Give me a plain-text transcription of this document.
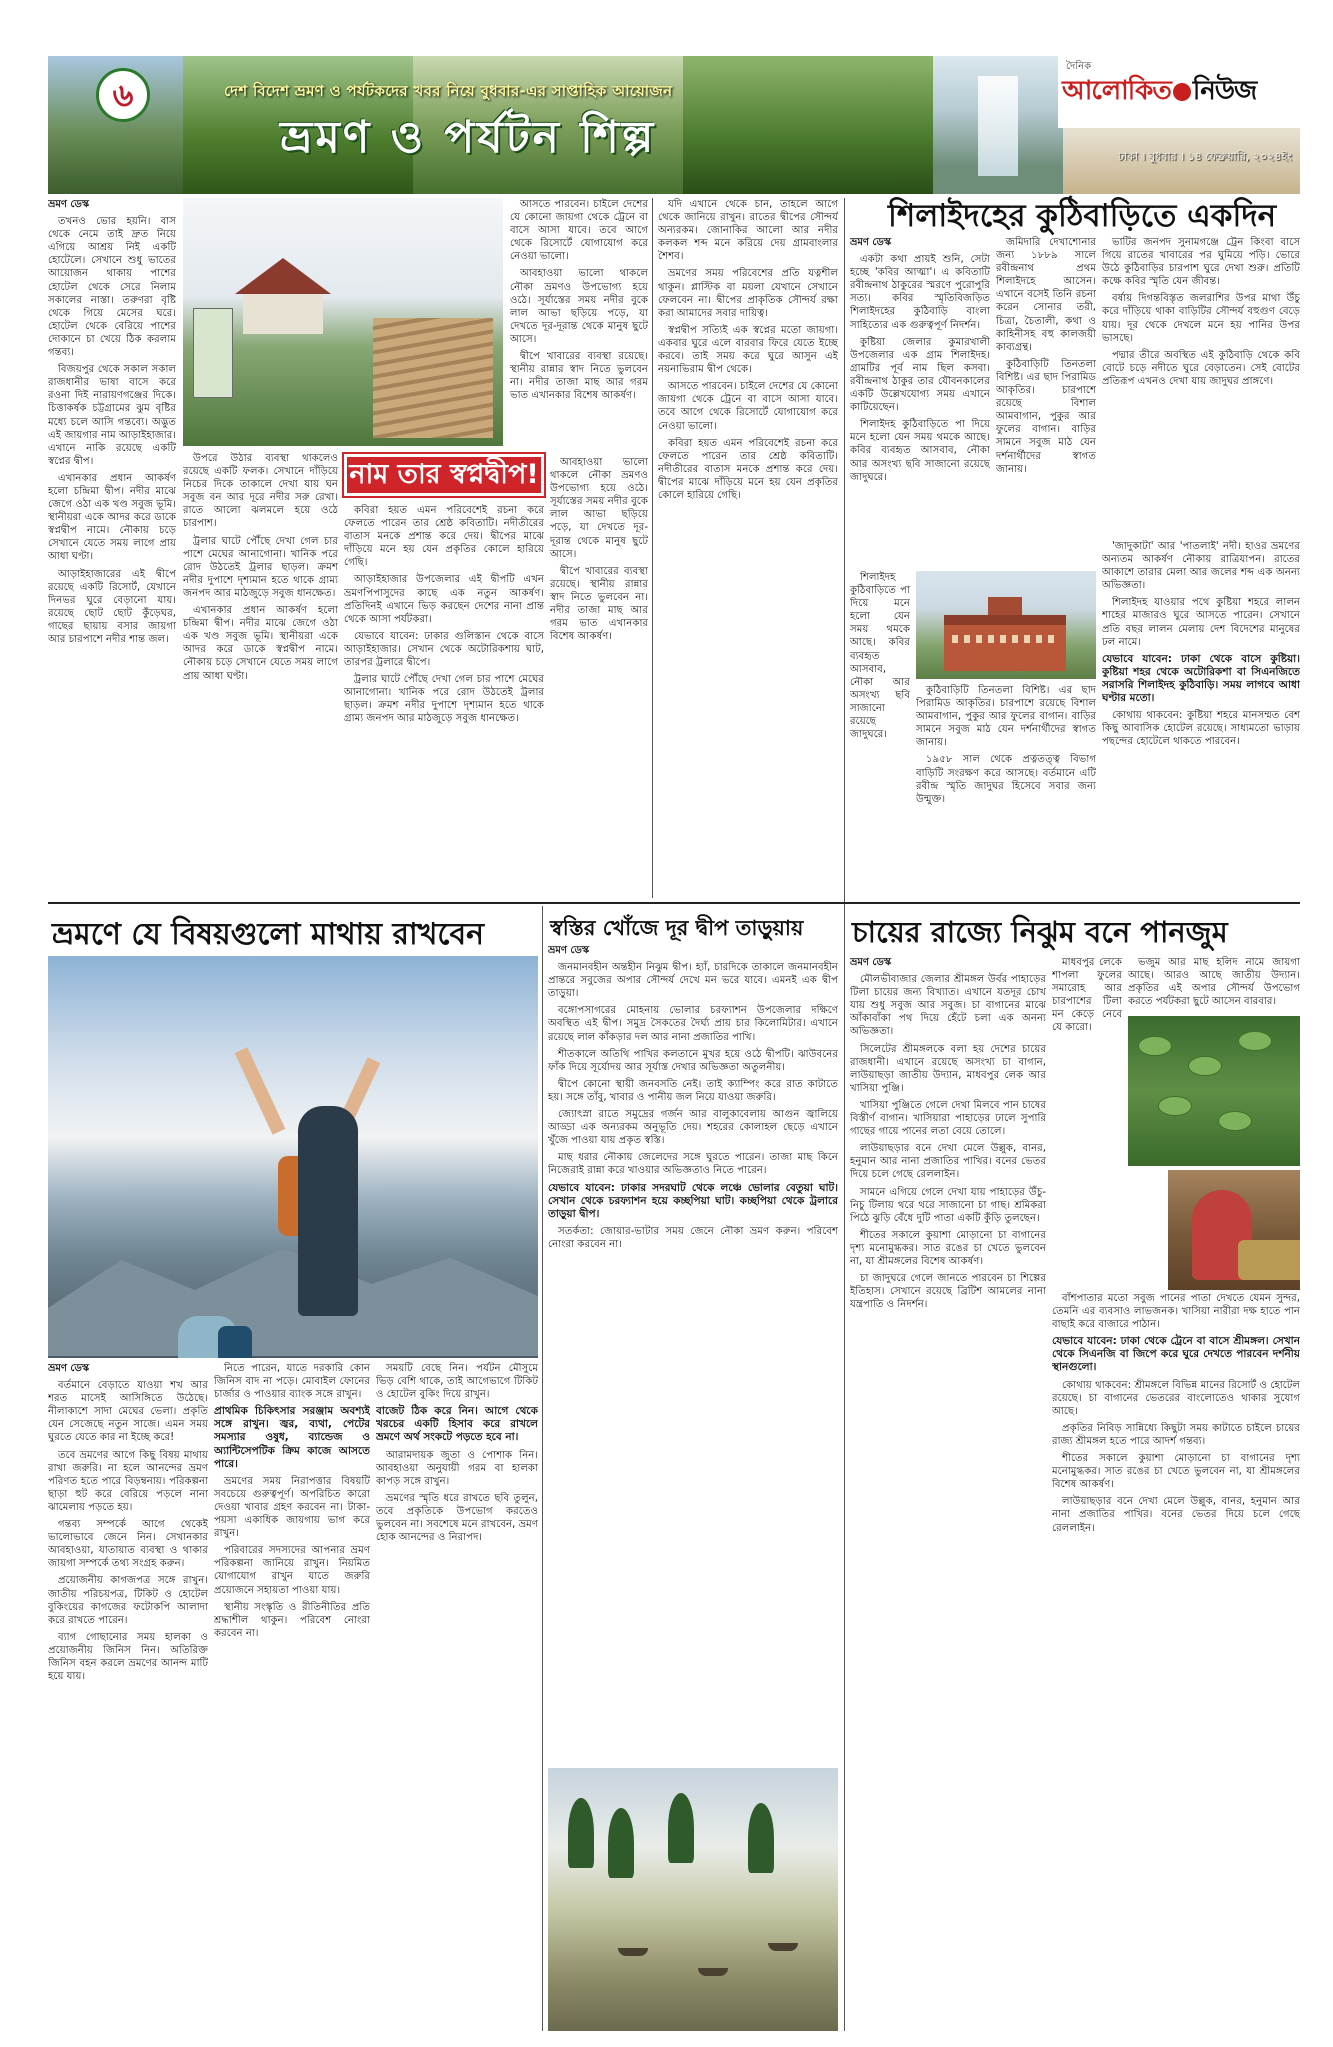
৬	দেশ বিদেশ ভ্রমণ ও পর্যটকদের খবর নিয়ে বুধবার-এর সাপ্তাহিক আয়োজন
ভ্রমণ ও পর্যটন শিল্প
দৈনিক
আলোকিত নিউজ
ঢাকা । বুধবার । ১৪ ফেব্রুয়ারি, ২০২৪ইং

ভ্রমণ ডেস্ক

তখনও ভোর হয়নি। বাস থেকে নেমে তাই দ্রুত নিয়ে এগিয়ে আশ্রয় নিই একটি হোটেলে। সেখানে শুধু ভাতের আয়োজন থাকায় পাশের হোটেল থেকে সেরে নিলাম সকালের নাস্তা। তরুণরা বৃষ্টি থেকে গিয়ে মেসের ঘরে। হোটেল থেকে বেরিয়ে পাশের দোকানে চা খেয়ে ঠিক করলাম গন্তব্য।

বিজয়পুর থেকে সকাল সকাল রাজধানীর ভাষা বাসে করে রওনা দিই নারায়ণগঞ্জের দিকে। চিত্তাকর্ষক চট্টগ্রামের ঝুম বৃষ্টির মধ্যে চলে আসি গন্তব্যে। অদ্ভুত এই জায়গার নাম আড়াইহাজার। এখানে নাকি রয়েছে একটি স্বপ্নের দ্বীপ।

এখানকার প্রধান আকর্ষণ হলো চন্দ্রিমা দ্বীপ। নদীর মাঝে জেগে ওঠা এক খণ্ড সবুজ ভূমি। স্থানীয়রা একে আদর করে ডাকে স্বপ্নদ্বীপ নামে। নৌকায় চড়ে সেখানে যেতে সময় লাগে প্রায় আধা ঘণ্টা।

আড়াইহাজারের এই দ্বীপে রয়েছে একটি রিসোর্ট, যেখানে দিনভর ঘুরে বেড়ানো যায়। রয়েছে ছোট ছোট কুঁড়েঘর, গাছের ছায়ায় বসার জায়গা আর চারপাশে নদীর শান্ত জল।

উপরে উঠার ব্যবস্থা থাকলেও রয়েছে একটি ফলক। সেখানে দাঁড়িয়ে নিচের দিকে তাকালে দেখা যায় ঘন সবুজ বন আর দূরে নদীর সরু রেখা। রাতে আলো ঝলমলে হয়ে ওঠে চারপাশ।

ট্রলার ঘাটে পৌঁছে দেখা গেল চার পাশে মেঘের আনাগোনা। খানিক পরে রোদ উঠতেই ট্রলার ছাড়ল। ক্রমশ নদীর দুপাশে দৃশ্যমান হতে থাকে গ্রাম্য জনপদ আর মাঠজুড়ে সবুজ ধানক্ষেত।

এখানকার প্রধান আকর্ষণ হলো চন্দ্রিমা দ্বীপ। নদীর মাঝে জেগে ওঠা এক খণ্ড সবুজ ভূমি। স্থানীয়রা একে আদর করে ডাকে স্বপ্নদ্বীপ নামে। নৌকায় চড়ে সেখানে যেতে সময় লাগে প্রায় আধা ঘণ্টা।

নাম তার স্বপ্নদ্বীপ!

কবিরা হয়ত এমন পরিবেশেই রচনা করে ফেলতে পারেন তার শ্রেষ্ঠ কবিতাটি। নদীতীরের বাতাস মনকে প্রশান্ত করে দেয়। দ্বীপের মাঝে দাঁড়িয়ে মনে হয় যেন প্রকৃতির কোলে হারিয়ে গেছি।

আড়াইহাজার উপজেলার এই দ্বীপটি এখন ভ্রমণপিপাসুদের কাছে এক নতুন আকর্ষণ। প্রতিদিনই এখানে ভিড় করছেন দেশের নানা প্রান্ত থেকে আসা পর্যটকরা।

যেভাবে যাবেন: ঢাকার গুলিস্তান থেকে বাসে আড়াইহাজার। সেখান থেকে অটোরিকশায় ঘাট, তারপর ট্রলারে দ্বীপে।

ট্রলার ঘাটে পৌঁছে দেখা গেল চার পাশে মেঘের আনাগোনা। খানিক পরে রোদ উঠতেই ট্রলার ছাড়ল। ক্রমশ নদীর দুপাশে দৃশ্যমান হতে থাকে গ্রাম্য জনপদ আর মাঠজুড়ে সবুজ ধানক্ষেত।

আসতে পারবেন। চাইলে দেশের যে কোনো জায়গা থেকে ট্রেনে বা বাসে আসা যাবে। তবে আগে থেকে রিসোর্টে যোগাযোগ করে নেওয়া ভালো।

আবহাওয়া ভালো থাকলে নৌকা ভ্রমণও উপভোগ্য হয়ে ওঠে। সূর্যাস্তের সময় নদীর বুকে লাল আভা ছড়িয়ে পড়ে, যা দেখতে দূর-দূরান্ত থেকে মানুষ ছুটে আসে।

দ্বীপে খাবারের ব্যবস্থা রয়েছে। স্থানীয় রান্নার স্বাদ নিতে ভুলবেন না। নদীর তাজা মাছ আর গরম ভাত এখানকার বিশেষ আকর্ষণ।

আবহাওয়া ভালো থাকলে নৌকা ভ্রমণও উপভোগ্য হয়ে ওঠে। সূর্যাস্তের সময় নদীর বুকে লাল আভা ছড়িয়ে পড়ে, যা দেখতে দূর-দূরান্ত থেকে মানুষ ছুটে আসে।

দ্বীপে খাবারের ব্যবস্থা রয়েছে। স্থানীয় রান্নার স্বাদ নিতে ভুলবেন না। নদীর তাজা মাছ আর গরম ভাত এখানকার বিশেষ আকর্ষণ।

যদি এখানে থেকে চান, তাহলে আগে থেকে জানিয়ে রাখুন। রাতের দ্বীপের সৌন্দর্য অন্যরকম। জোনাকির আলো আর নদীর কলকল শব্দ মনে করিয়ে দেয় গ্রামবাংলার শৈশব।

ভ্রমণের সময় পরিবেশের প্রতি যত্নশীল থাকুন। প্লাস্টিক বা ময়লা যেখানে সেখানে ফেলবেন না। দ্বীপের প্রাকৃতিক সৌন্দর্য রক্ষা করা আমাদের সবার দায়িত্ব।

স্বপ্নদ্বীপ সত্যিই এক স্বপ্নের মতো জায়গা। একবার ঘুরে এলে বারবার ফিরে যেতে ইচ্ছে করবে। তাই সময় করে ঘুরে আসুন এই নয়নাভিরাম দ্বীপ থেকে।

আসতে পারবেন। চাইলে দেশের যে কোনো জায়গা থেকে ট্রেনে বা বাসে আসা যাবে। তবে আগে থেকে রিসোর্টে যোগাযোগ করে নেওয়া ভালো।

কবিরা হয়ত এমন পরিবেশেই রচনা করে ফেলতে পারেন তার শ্রেষ্ঠ কবিতাটি। নদীতীরের বাতাস মনকে প্রশান্ত করে দেয়। দ্বীপের মাঝে দাঁড়িয়ে মনে হয় যেন প্রকৃতির কোলে হারিয়ে গেছি।

শিলাইদহের কুঠিবাড়িতে একদিন

ভ্রমণ ডেস্ক

একটা কথা প্রায়ই শুনি, সেটা হচ্ছে 'কবির আত্মা'। এ কবিতাটি রবীন্দ্রনাথ ঠাকুরের স্মরণে পুরোপুরি সত্য। কবির স্মৃতিবিজড়িত শিলাইদহের কুঠিবাড়ি বাংলা সাহিত্যের এক গুরুত্বপূর্ণ নিদর্শন।

কুষ্টিয়া জেলার কুমারখালী উপজেলার এক গ্রাম শিলাইদহ। গ্রামটির পূর্ব নাম ছিল কসবা। রবীন্দ্রনাথ ঠাকুর তার যৌবনকালের একটি উল্লেখযোগ্য সময় এখানে কাটিয়েছেন।

শিলাইদহ কুঠিবাড়িতে পা দিয়ে মনে হলো যেন সময় থমকে আছে। কবির ব্যবহৃত আসবাব, নৌকা আর অসংখ্য ছবি সাজানো রয়েছে জাদুঘরে।

শিলাইদহ কুঠিবাড়িতে পা দিয়ে মনে হলো যেন সময় থমকে আছে। কবির ব্যবহৃত আসবাব, নৌকা আর অসংখ্য ছবি সাজানো রয়েছে জাদুঘরে।

জমিদারি দেখাশোনার জন্য ১৮৮৯ সালে রবীন্দ্রনাথ প্রথম শিলাইদহে আসেন। এখানে বসেই তিনি রচনা করেন সোনার তরী, চিত্রা, চৈতালী, কথা ও কাহিনীসহ বহু কালজয়ী কাব্যগ্রন্থ।

কুঠিবাড়িটি তিনতলা বিশিষ্ট। এর ছাদ পিরামিড আকৃতির। চারপাশে রয়েছে বিশাল আমবাগান, পুকুর আর ফুলের বাগান। বাড়ির সামনে সবুজ মাঠ যেন দর্শনার্থীদের স্বাগত জানায়।

কুঠিবাড়িটি তিনতলা বিশিষ্ট। এর ছাদ পিরামিড আকৃতির। চারপাশে রয়েছে বিশাল আমবাগান, পুকুর আর ফুলের বাগান। বাড়ির সামনে সবুজ মাঠ যেন দর্শনার্থীদের স্বাগত জানায়।

১৯৫৮ সাল থেকে প্রত্নতত্ত্ব বিভাগ বাড়িটি সংরক্ষণ করে আসছে। বর্তমানে এটি রবীন্দ্র স্মৃতি জাদুঘর হিসেবে সবার জন্য উন্মুক্ত।

ভাটির জনপদ সুনামগঞ্জে ট্রেন কিংবা বাসে গিয়ে রাতের খাবারের পর ঘুমিয়ে পড়ি। ভোরে উঠে কুঠিবাড়ির চারপাশ ঘুরে দেখা শুরু। প্রতিটি কক্ষে কবির স্মৃতি যেন জীবন্ত।

বর্ষায় দিগন্তবিস্তৃত জলরাশির উপর মাথা উঁচু করে দাঁড়িয়ে থাকা বাড়িটির সৌন্দর্য বহুগুণ বেড়ে যায়। দূর থেকে দেখলে মনে হয় পানির উপর ভাসছে।

পদ্মার তীরে অবস্থিত এই কুঠিবাড়ি থেকে কবি বোটে চড়ে নদীতে ঘুরে বেড়াতেন। সেই বোটের প্রতিরূপ এখনও দেখা যায় জাদুঘর প্রাঙ্গণে।

'জাদুকাটা' আর 'পাতলাই' নদী। হাওর ভ্রমণের অন্যতম আকর্ষণ নৌকায় রাত্রিযাপন। রাতের আকাশে তারার মেলা আর জলের শব্দ এক অনন্য অভিজ্ঞতা।

শিলাইদহ যাওয়ার পথে কুষ্টিয়া শহরে লালন শাহের মাজারও ঘুরে আসতে পারেন। সেখানে প্রতি বছর লালন মেলায় দেশ বিদেশের মানুষের ঢল নামে।

যেভাবে যাবেন: ঢাকা থেকে বাসে কুষ্টিয়া। কুষ্টিয়া শহর থেকে অটোরিকশা বা সিএনজিতে সরাসরি শিলাইদহ কুঠিবাড়ি। সময় লাগবে আধা ঘণ্টার মতো।

কোথায় থাকবেন: কুষ্টিয়া শহরে মানসম্মত বেশ কিছু আবাসিক হোটেল রয়েছে। সাধ্যমতো ভাড়ায় পছন্দের হোটেলে থাকতে পারবেন।

ভ্রমণে যে বিষয়গুলো মাথায় রাখবেন

ভ্রমণ ডেস্ক

বর্তমানে বেড়াতে যাওয়া শখ আর শরত মাসেই আসিঙ্গিতে উঠেছে। নীলাকাশে সাদা মেঘের ভেলা। প্রকৃতি যেন সেজেছে নতুন সাজে। এমন সময় ঘুরতে যেতে কার না ইচ্ছে করে!

তবে ভ্রমণের আগে কিছু বিষয় মাথায় রাখা জরুরি। না হলে আনন্দের ভ্রমণ পরিণত হতে পারে বিড়ম্বনায়। পরিকল্পনা ছাড়া হুট করে বেরিয়ে পড়লে নানা ঝামেলায় পড়তে হয়।

গন্তব্য সম্পর্কে আগে থেকেই ভালোভাবে জেনে নিন। সেখানকার আবহাওয়া, যাতায়াত ব্যবস্থা ও থাকার জায়গা সম্পর্কে তথ্য সংগ্রহ করুন।

প্রয়োজনীয় কাগজপত্র সঙ্গে রাখুন। জাতীয় পরিচয়পত্র, টিকিট ও হোটেল বুকিংয়ের কাগজের ফটোকপি আলাদা করে রাখতে পারেন।

ব্যাগ গোছানোর সময় হালকা ও প্রয়োজনীয় জিনিস নিন। অতিরিক্ত জিনিস বহন করলে ভ্রমণের আনন্দ মাটি হয়ে যায়।

নিতে পারেন, যাতে দরকারি কোন জিনিস বাদ না পড়ে। মোবাইল ফোনের চার্জার ও পাওয়ার ব্যাংক সঙ্গে রাখুন।

প্রাথমিক চিকিৎসার সরঞ্জাম অবশ্যই সঙ্গে রাখুন। জ্বর, ব্যথা, পেটের সমস্যার ওষুধ, ব্যান্ডেজ ও অ্যান্টিসেপটিক ক্রিম কাজে আসতে পারে।

ভ্রমণের সময় নিরাপত্তার বিষয়টি সবচেয়ে গুরুত্বপূর্ণ। অপরিচিত কারো দেওয়া খাবার গ্রহণ করবেন না। টাকা-পয়সা একাধিক জায়গায় ভাগ করে রাখুন।

পরিবারের সদস্যদের আপনার ভ্রমণ পরিকল্পনা জানিয়ে রাখুন। নিয়মিত যোগাযোগ রাখুন যাতে জরুরি প্রয়োজনে সহায়তা পাওয়া যায়।

স্থানীয় সংস্কৃতি ও রীতিনীতির প্রতি শ্রদ্ধাশীল থাকুন। পরিবেশ নোংরা করবেন না।

সময়টি বেছে নিন। পর্যটন মৌসুমে ভিড় বেশি থাকে, তাই আগেভাগে টিকিট ও হোটেল বুকিং দিয়ে রাখুন।

বাজেট ঠিক করে নিন। আগে থেকে খরচের একটি হিসাব করে রাখলে ভ্রমণে অর্থ সংকটে পড়তে হবে না।

আরামদায়ক জুতা ও পোশাক নিন। আবহাওয়া অনুযায়ী গরম বা হালকা কাপড় সঙ্গে রাখুন।

ভ্রমণের স্মৃতি ধরে রাখতে ছবি তুলুন, তবে প্রকৃতিকে উপভোগ করতেও ভুলবেন না। সবশেষে মনে রাখবেন, ভ্রমণ হোক আনন্দের ও নিরাপদ।

স্বস্তির খোঁজে দূর দ্বীপ তাড়ুয়ায়

ভ্রমণ ডেস্ক

জনমানবহীন অন্তহীন নিঝুম দ্বীপ। হ্যাঁ, চারদিকে তাকালে জনমানবহীন প্রান্তরে সবুজের অপার সৌন্দর্য দেখে মন ভরে যাবে। এমনই এক দ্বীপ তাড়ুয়া।

বঙ্গোপসাগরের মোহনায় ভোলার চরফ্যাশন উপজেলার দক্ষিণে অবস্থিত এই দ্বীপ। সমুদ্র সৈকতের দৈর্ঘ্য প্রায় চার কিলোমিটার। এখানে রয়েছে লাল কাঁকড়ার দল আর নানা প্রজাতির পাখি।

শীতকালে অতিথি পাখির কলতানে মুখর হয়ে ওঠে দ্বীপটি। ঝাউবনের ফাঁক দিয়ে সূর্যোদয় আর সূর্যাস্ত দেখার অভিজ্ঞতা অতুলনীয়।

দ্বীপে কোনো স্থায়ী জনবসতি নেই। তাই ক্যাম্পিং করে রাত কাটাতে হয়। সঙ্গে তাঁবু, খাবার ও পানীয় জল নিয়ে যাওয়া জরুরি।

জ্যোৎস্না রাতে সমুদ্রের গর্জন আর বালুকাবেলায় আগুন জ্বালিয়ে আড্ডা এক অন্যরকম অনুভূতি দেয়। শহরের কোলাহল ছেড়ে এখানে খুঁজে পাওয়া যায় প্রকৃত স্বস্তি।

মাছ ধরার নৌকায় জেলেদের সঙ্গে ঘুরতে পারেন। তাজা মাছ কিনে নিজেরাই রান্না করে খাওয়ার অভিজ্ঞতাও নিতে পারেন।

যেভাবে যাবেন: ঢাকার সদরঘাট থেকে লঞ্চে ভোলার বেতুয়া ঘাট। সেখান থেকে চরফ্যাশন হয়ে কচ্ছপিয়া ঘাট। কচ্ছপিয়া থেকে ট্রলারে তাড়ুয়া দ্বীপ।

সতর্কতা: জোয়ার-ভাটার সময় জেনে নৌকা ভ্রমণ করুন। পরিবেশ নোংরা করবেন না।

চায়ের রাজ্যে নিঝুম বনে পানজুম

ভ্রমণ ডেস্ক

মৌলভীবাজার জেলার শ্রীমঙ্গল উর্বর পাহাড়ের টিলা চায়ের জন্য বিখ্যাত। এখানে যতদূর চোখ যায় শুধু সবুজ আর সবুজ। চা বাগানের মাঝে আঁকাবাঁকা পথ দিয়ে হেঁটে চলা এক অনন্য অভিজ্ঞতা।

সিলেটের শ্রীমঙ্গলকে বলা হয় দেশের চায়ের রাজধানী। এখানে রয়েছে অসংখ্য চা বাগান, লাউয়াছড়া জাতীয় উদ্যান, মাধবপুর লেক আর খাসিয়া পুঞ্জি।

খাসিয়া পুঞ্জিতে গেলে দেখা মিলবে পান চাষের বিস্তীর্ণ বাগান। খাসিয়ারা পাহাড়ের ঢালে সুপারি গাছের গায়ে পানের লতা বেয়ে তোলে।

লাউয়াছড়ার বনে দেখা মেলে উল্লুক, বানর, হনুমান আর নানা প্রজাতির পাখির। বনের ভেতর দিয়ে চলে গেছে রেললাইন।

সামনে এগিয়ে গেলে দেখা যায় পাহাড়ের উঁচু-নিচু টিলায় থরে থরে সাজানো চা গাছ। শ্রমিকরা পিঠে ঝুড়ি বেঁধে দুটি পাতা একটি কুঁড়ি তুলছেন।

শীতের সকালে কুয়াশা মোড়ানো চা বাগানের দৃশ্য মনোমুগ্ধকর। সাত রঙের চা খেতে ভুলবেন না, যা শ্রীমঙ্গলের বিশেষ আকর্ষণ।

চা জাদুঘরে গেলে জানতে পারবেন চা শিল্পের ইতিহাস। সেখানে রয়েছে ব্রিটিশ আমলের নানা যন্ত্রপাতি ও নিদর্শন।

মাধবপুর লেকে শাপলা ফুলের সমারোহ আর চারপাশের টিলা মন কেড়ে নেবে যে কারো।

ভজুম আর মাছ হলিদ নামে জায়গা আছে। আরও আছে জাতীয় উদ্যান। প্রকৃতির এই অপার সৌন্দর্য উপভোগ করতে পর্যটকরা ছুটে আসেন বারবার।

বাঁশপাতার মতো সবুজ পানের পাতা দেখতে যেমন সুন্দর, তেমনি এর ব্যবসাও লাভজনক। খাসিয়া নারীরা দক্ষ হাতে পান বাছাই করে বাজারে পাঠান।

যেভাবে যাবেন: ঢাকা থেকে ট্রেনে বা বাসে শ্রীমঙ্গল। সেখান থেকে সিএনজি বা জিপে করে ঘুরে দেখতে পারবেন দর্শনীয় স্থানগুলো।

কোথায় থাকবেন: শ্রীমঙ্গলে বিভিন্ন মানের রিসোর্ট ও হোটেল রয়েছে। চা বাগানের ভেতরের বাংলোতেও থাকার সুযোগ আছে।

প্রকৃতির নিবিড় সান্নিধ্যে কিছুটা সময় কাটাতে চাইলে চায়ের রাজ্য শ্রীমঙ্গল হতে পারে আদর্শ গন্তব্য।

শীতের সকালে কুয়াশা মোড়ানো চা বাগানের দৃশ্য মনোমুগ্ধকর। সাত রঙের চা খেতে ভুলবেন না, যা শ্রীমঙ্গলের বিশেষ আকর্ষণ।

লাউয়াছড়ার বনে দেখা মেলে উল্লুক, বানর, হনুমান আর নানা প্রজাতির পাখির। বনের ভেতর দিয়ে চলে গেছে রেললাইন।
